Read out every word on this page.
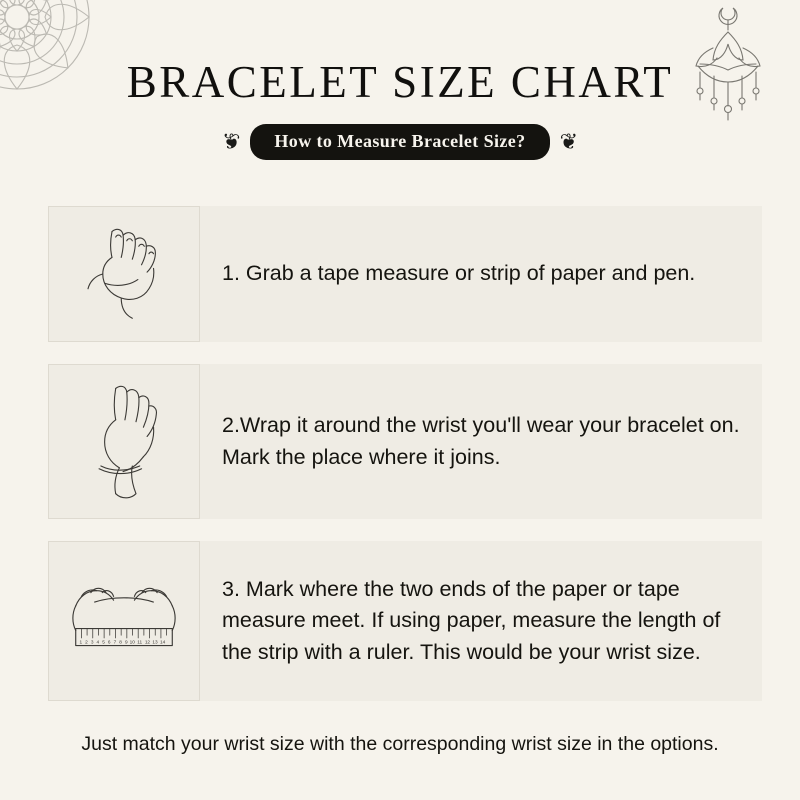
BRACELET SIZE CHART
❦	How to Measure Bracelet Size?	❦
1. Grab a tape measure or strip of paper and pen.
2.Wrap it around the wrist you'll wear your bracelet on. Mark the place where it joins.
1 2 3 4 5 6 7 8 9 10 11 12 13 14
3. Mark where the two ends of the paper or tape measure meet. If using paper, measure the length of the strip with a ruler. This would be your wrist size.
Just match your wrist size with the corresponding wrist size in the options.
